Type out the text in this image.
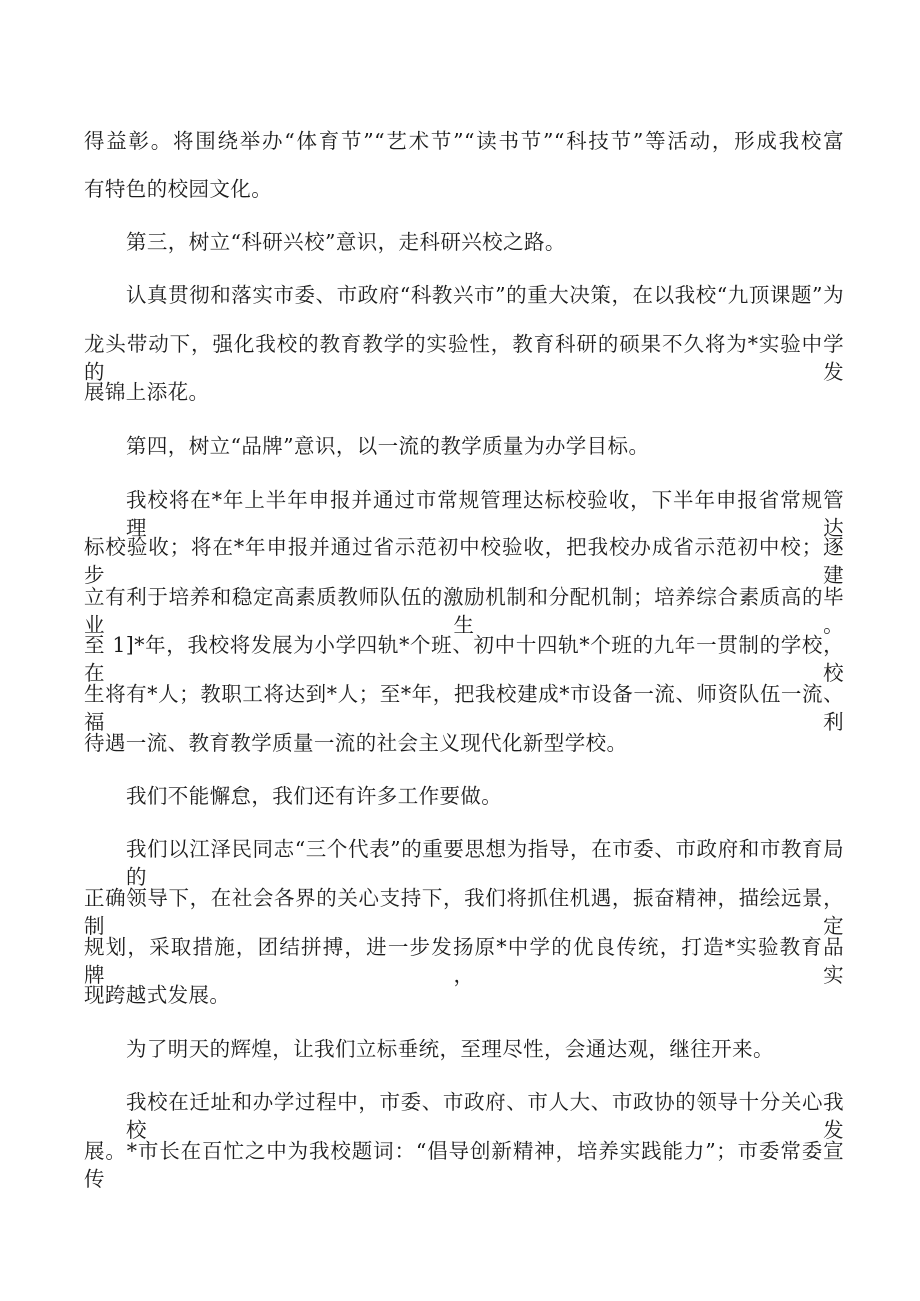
得益彰。将围绕举办“体育节”“艺术节”“读书节”“科技节”等活动，形成我校富

有特色的校园文化。

第三，树立“科研兴校”意识，走科研兴校之路。

认真贯彻和落实市委、市政府“科教兴市”的重大决策，在以我校“九顶课题”为

龙头带动下，强化我校的教育教学的实验性，教育科研的硕果不久将为*实验中学的发

展锦上添花。

第四，树立“品牌”意识，以一流的教学质量为办学目标。

我校将在*年上半年申报并通过市常规管理达标校验收，下半年申报省常规管理达

标校验收；将在*年申报并通过省示范初中校验收，把我校办成省示范初中校；逐步建

立有利于培养和稳定高素质教师队伍的激励机制和分配机制；培养综合素质高的毕业生。

至 1]*年，我校将发展为小学四轨*个班、初中十四轨*个班的九年一贯制的学校，在校

生将有*人；教职工将达到*人；至*年，把我校建成*市设备一流、师资队伍一流、福利

待遇一流、教育教学质量一流的社会主义现代化新型学校。

我们不能懈怠，我们还有许多工作要做。

我们以江泽民同志“三个代表”的重要思想为指导，在市委、市政府和市教育局的

正确领导下，在社会各界的关心支持下，我们将抓住机遇，振奋精神，描绘远景，制定

规划，采取措施，团结拼搏，进一步发扬原*中学的优良传统，打造*实验教育品牌，实

现跨越式发展。

为了明天的辉煌，让我们立标垂统，至理尽性，会通达观，继往开来。

我校在迁址和办学过程中，市委、市政府、市人大、市政协的领导十分关心我校发

展。*市长在百忙之中为我校题词：“倡导创新精神，培养实践能力”；市委常委宣传
